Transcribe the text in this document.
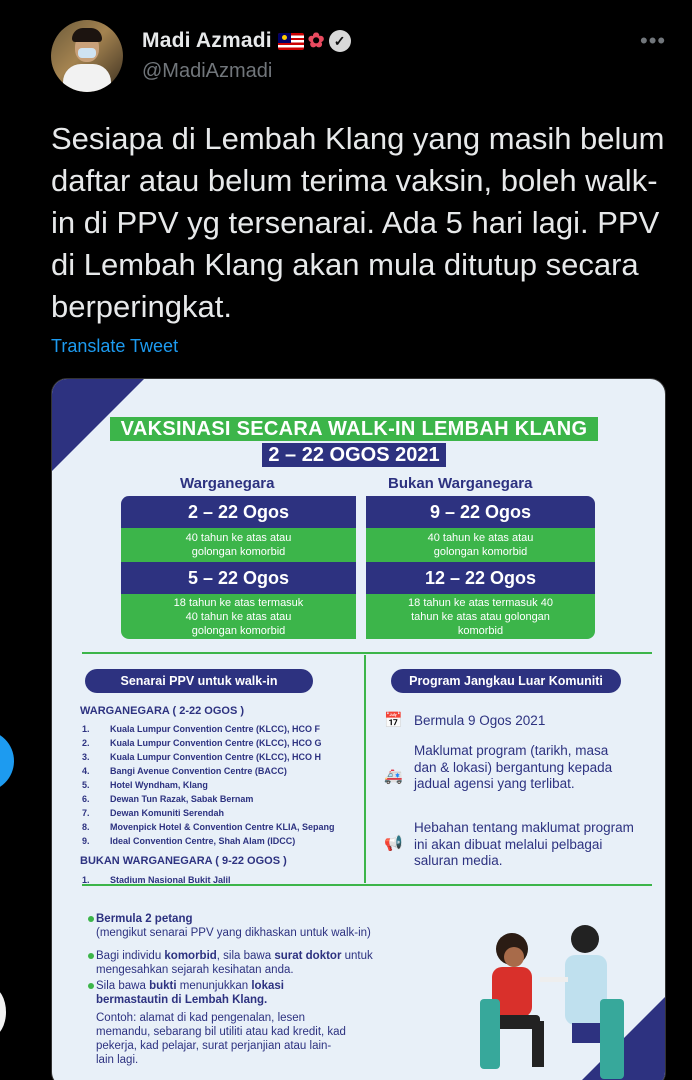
Madi Azmadi ✿ ✓
@MadiAzmadi
•••
Sesiapa di Lembah Klang yang masih belum daftar atau belum terima vaksin, boleh walk-in di PPV yg tersenarai. Ada 5 hari lagi. PPV di Lembah Klang akan mula ditutup secara berperingkat.
Translate Tweet
VAKSINASI SECARA WALK-IN LEMBAH KLANG
2 – 22 OGOS 2021
Warganegara	Bukan Warganegara
2 – 22 Ogos	9 – 22 Ogos
40 tahun ke atas atau golongan komorbid
40 tahun ke atas atau golongan komorbid
5 – 22 Ogos	12 – 22 Ogos
18 tahun ke atas termasuk 40 tahun ke atas atau golongan komorbid
18 tahun ke atas termasuk 40 tahun ke atas atau golongan komorbid
Senarai PPV untuk walk-in	Program Jangkau Luar Komuniti
WARGANEGARA ( 2-22 OGOS )
1. Kuala Lumpur Convention Centre (KLCC), HCO F
2. Kuala Lumpur Convention Centre (KLCC), HCO G
3. Kuala Lumpur Convention Centre (KLCC), HCO H
4. Bangi Avenue Convention Centre (BACC)
5. Hotel Wyndham, Klang
6. Dewan Tun Razak, Sabak Bernam
7. Dewan Komuniti Serendah
8. Movenpick Hotel & Convention Centre KLIA, Sepang
9. Ideal Convention Centre, Shah Alam (IDCC)
BUKAN WARGANEGARA ( 9-22 OGOS )
1. Stadium Nasional Bukit Jalil
📅 Bermula 9 Ogos 2021
🚑
Maklumat program (tarikh, masa dan & lokasi) bergantung kepada jadual agensi yang terlibat.
📢
Hebahan tentang maklumat program ini akan dibuat melalui pelbagai saluran media.
Bermula 2 petang
(mengikut senarai PPV yang dikhaskan untuk walk-in)
Bagi individu komorbid, sila bawa surat doktor untuk mengesahkan sejarah kesihatan anda.
Sila bawa bukti menunjukkan lokasi bermastautin di Lembah Klang.
Contoh: alamat di kad pengenalan, lesen memandu, sebarang bil utiliti atau kad kredit, kad pekerja, kad pelajar, surat perjanjian atau lain-lain lagi.
